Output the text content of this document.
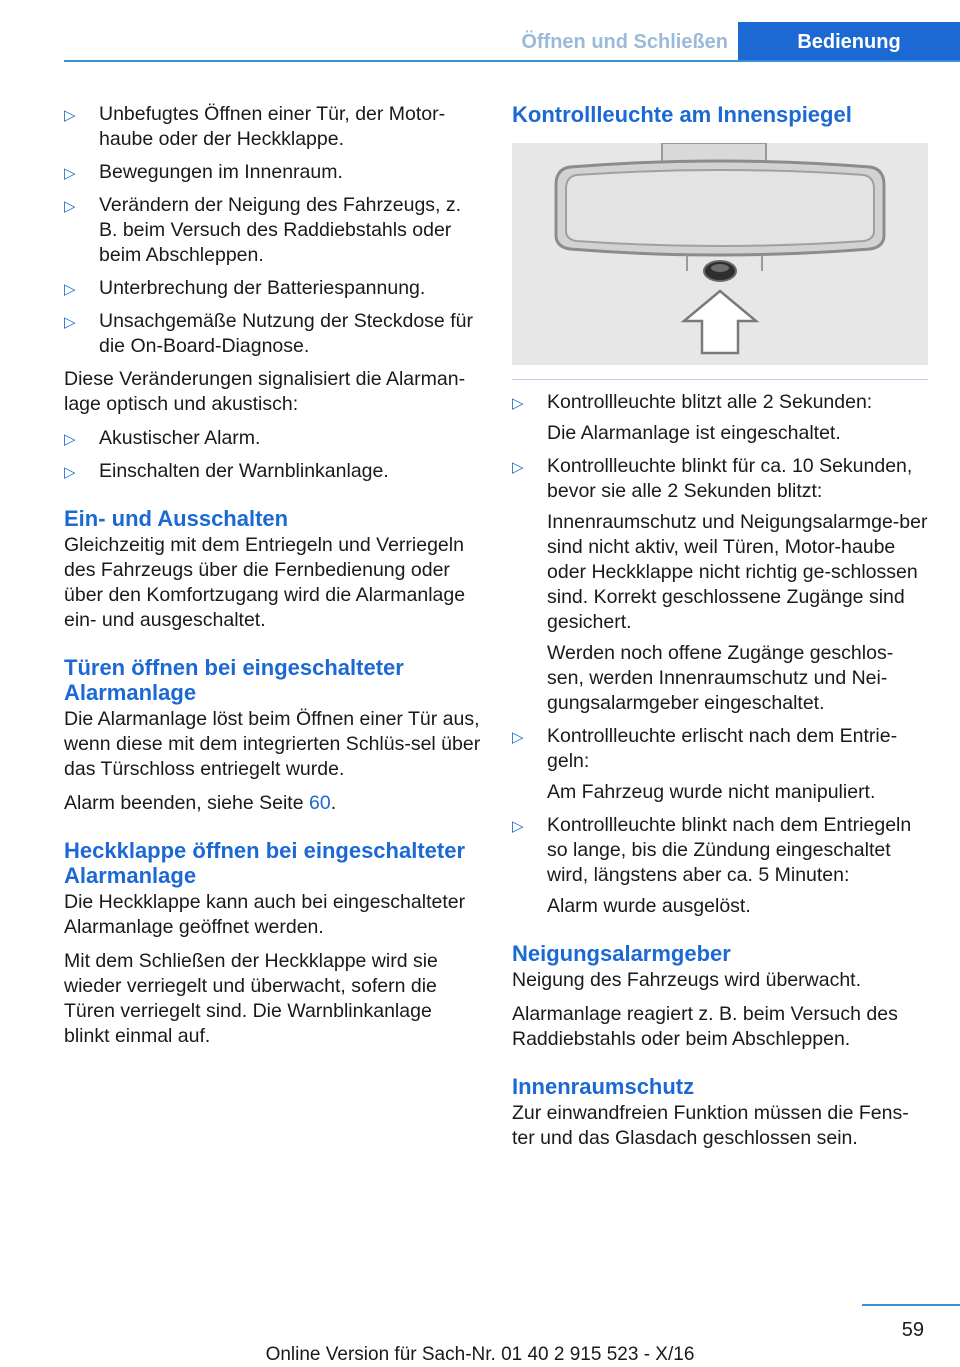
Öffnen und Schließen	Bedienung
▷ Unbefugtes Öffnen einer Tür, der Motor‐haube oder der Heckklappe.
▷ Bewegungen im Innenraum.
▷ Verändern der Neigung des Fahrzeugs, z. B. beim Versuch des Raddiebstahls oder beim Abschleppen.
▷ Unterbrechung der Batteriespannung.
▷ Unsachgemäße Nutzung der Steckdose für die On-Board-Diagnose.

Diese Veränderungen signalisiert die Alarman‐lage optisch und akustisch:

▷ Akustischer Alarm.
▷ Einschalten der Warnblinkanlage.
Ein- und Ausschalten

Gleichzeitig mit dem Entriegeln und Verriegeln des Fahrzeugs über die Fernbedienung oder über den Komfortzugang wird die Alarmanlage ein- und ausgeschaltet.

Türen öffnen bei eingeschalteter Alarmanlage

Die Alarmanlage löst beim Öffnen einer Tür aus, wenn diese mit dem integrierten Schlüs‐sel über das Türschloss entriegelt wurde.

Alarm beenden, siehe Seite 60.

Heckklappe öffnen bei eingeschalteter Alarmanlage

Die Heckklappe kann auch bei eingeschalteter Alarmanlage geöffnet werden.

Mit dem Schließen der Heckklappe wird sie wieder verriegelt und überwacht, sofern die Türen verriegelt sind. Die Warnblinkanlage blinkt einmal auf.

Kontrollleuchte am Innenspiegel
▷ Kontrollleuchte blitzt alle 2 Sekunden:
Die Alarmanlage ist eingeschaltet.
▷ Kontrollleuchte blinkt für ca. 10 Sekunden, bevor sie alle 2 Sekunden blitzt:
Innenraumschutz und Neigungsalarmge‐ber sind nicht aktiv, weil Türen, Motor‐haube oder Heckklappe nicht richtig ge‐schlossen sind. Korrekt geschlossene Zugänge sind gesichert.
Werden noch offene Zugänge geschlos‐sen, werden Innenraumschutz und Nei‐gungsalarmgeber eingeschaltet.
▷ Kontrollleuchte erlischt nach dem Entrie‐geln:
Am Fahrzeug wurde nicht manipuliert.
▷ Kontrollleuchte blinkt nach dem Entriegeln so lange, bis die Zündung eingeschaltet wird, längstens aber ca. 5 Minuten:
Alarm wurde ausgelöst.
Neigungsalarmgeber

Neigung des Fahrzeugs wird überwacht.

Alarmanlage reagiert z. B. beim Versuch des Raddiebstahls oder beim Abschleppen.

Innenraumschutz

Zur einwandfreien Funktion müssen die Fens‐ter und das Glasdach geschlossen sein.

59
Online Version für Sach-Nr. 01 40 2 915 523 - X/16
